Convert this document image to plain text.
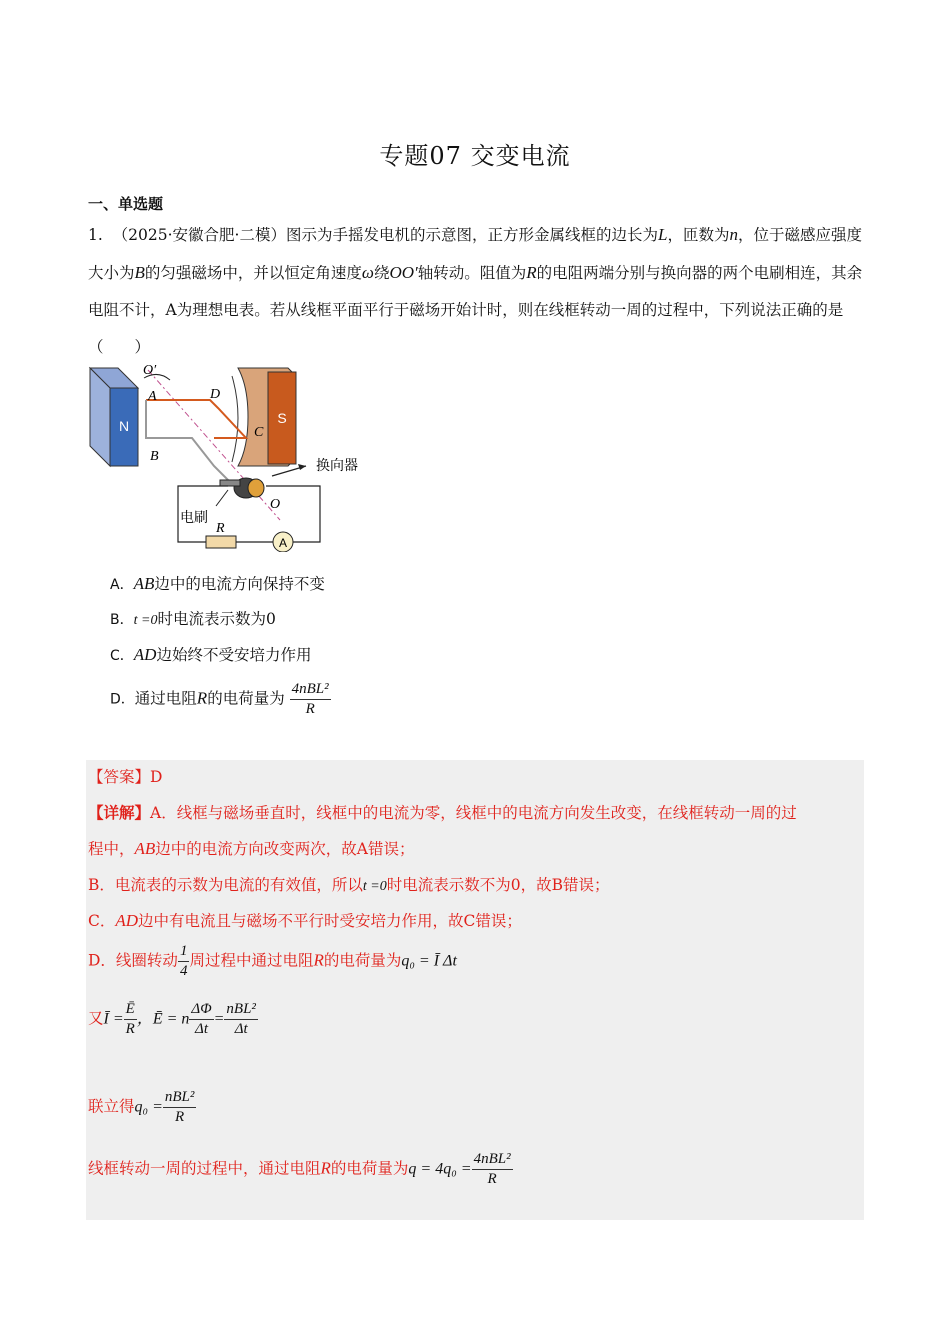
专题07 交变电流
一、单选题
1. （2025·安徽合肥·二模）图示为手摇发电机的示意图，正方形金属线框的边长为L，匝数为n，位于磁感应强度大小为B的匀强磁场中，并以恒定角速度ω绕OO′轴转动。阻值为R的电阻两端分别与换向器的两个电刷相连，其余电阻不计，A为理想电表。若从线框平面平行于磁场开始计时，则在线框转动一周的过程中，下列说法正确的是（　　）
N	S
O′
A	D
C
B
换向器
O
电刷
R
A
A．AB边中的电流方向保持不变
B．t =0时电流表示数为0
C．AD边始终不受安培力作用
D．通过电阻R的电荷量为 $\frac{\text{4nBL²}}{R}$
【答案】D
【详解】A．线框与磁场垂直时，线框中的电流为零，线框中的电流方向发生改变，在线框转动一周的过
程中，AB边中的电流方向改变两次，故A错误；
B．电流表的示数为电流的有效值，所以t =0时电流表示数不为0，故B错误；
C．AD边中有电流且与磁场不平行时受安培力作用，故C错误；
D．线圈转动 $\frac{1}{4}$ 周过程中通过电阻R的电荷量为q₀ = Ī Δt
又Ī = $\frac{Ē}{R}$ ，Ē = n $\frac{\Delta\Phi}{\Delta t} = \frac{\text{nBL²}}{\Delta t}$
联立得$q_0 = \frac{\text{nBL²}}{R}$
线框转动一周的过程中，通过电阻R的电荷量为$q = 4q_0 = \frac{\text{4nBL²}}{R}$
